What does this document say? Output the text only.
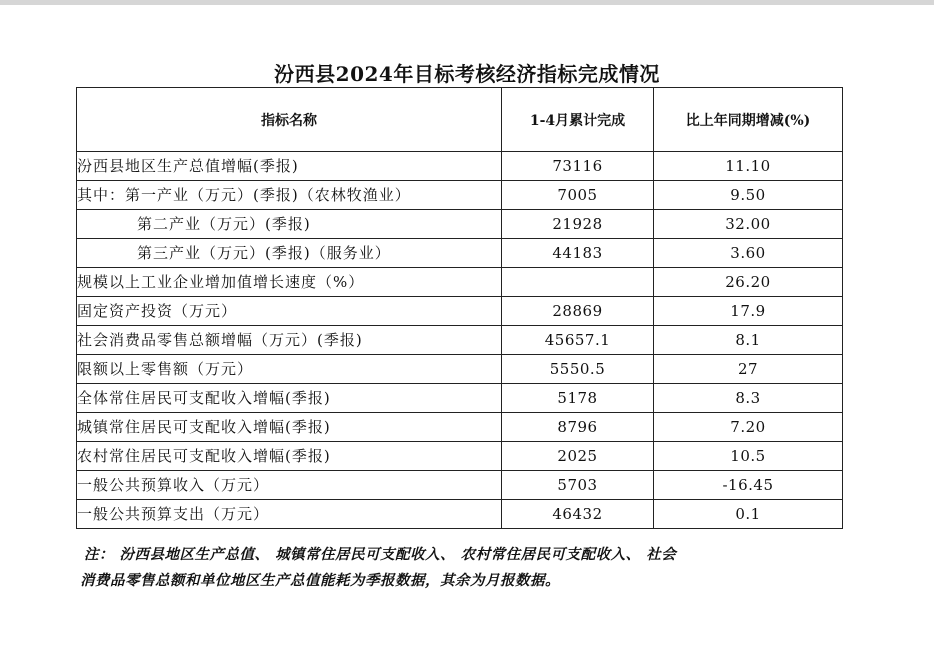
汾西县2024年目标考核经济指标完成情况
指标名称	1-4月累计完成	比上年同期增减(%)
汾西县地区生产总值增幅(季报)	73116	11.10
其中：第一产业（万元）(季报)（农林牧渔业）	7005	9.50
第二产业（万元）(季报)	21928	32.00
第三产业（万元）(季报)（服务业）	44183	3.60
规模以上工业企业增加值增长速度（%）		26.20
固定资产投资（万元）	28869	17.9
社会消费品零售总额增幅（万元）(季报)	45657.1	8.1
限额以上零售额（万元）	5550.5	27
全体常住居民可支配收入增幅(季报)	5178	8.3
城镇常住居民可支配收入增幅(季报)	8796	7.20
农村常住居民可支配收入增幅(季报)	2025	10.5
一般公共预算收入（万元）	5703	-16.45
一般公共预算支出（万元）	46432	0.1
注： 汾西县地区生产总值、 城镇常住居民可支配收入、 农村常住居民可支配收入、 社会
消费品零售总额和单位地区生产总值能耗为季报数据，其余为月报数据。
